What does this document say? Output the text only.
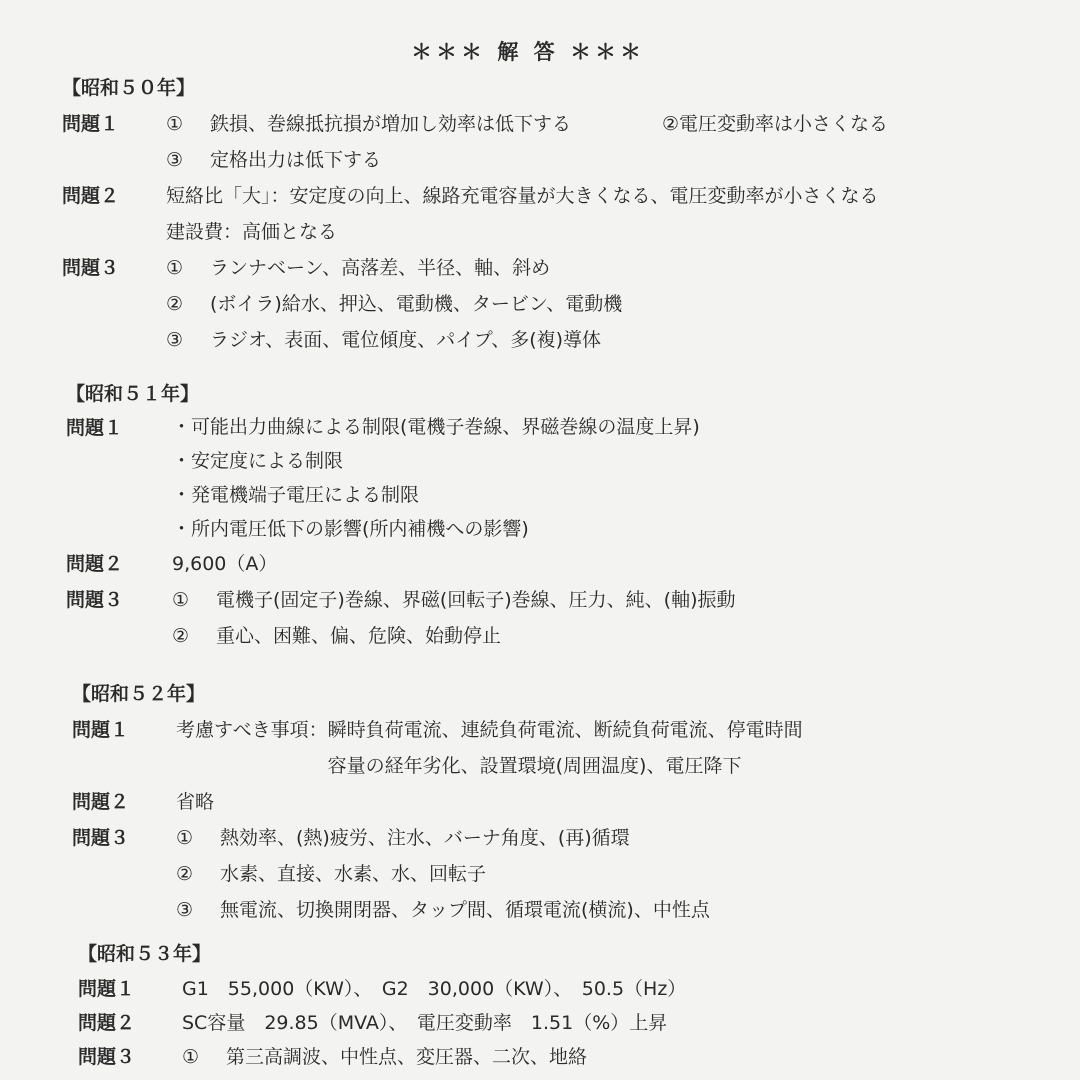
＊＊＊ 解 答 ＊＊＊
【昭和５０年】
問題１	①	鉄損、巻線抵抗損が増加し効率は低下する	② 電圧変動率は小さくなる
③	定格出力は低下する
問題２	短絡比「大」：安定度の向上、線路充電容量が大きくなる、電圧変動率が小さくなる
建設費：高価となる
問題３	①	ランナベーン、高落差、半径、軸、斜め
②	(ボイラ)給水、押込、電動機、タービン、電動機
③	ラジオ、表面、電位傾度、パイプ、多(複)導体
【昭和５１年】
問題１	・可能出力曲線による制限(電機子巻線、界磁巻線の温度上昇)
・安定度による制限
・発電機端子電圧による制限
・所内電圧低下の影響(所内補機への影響)
問題２	9,600（A）
問題３	①	電機子(固定子)巻線、界磁(回転子)巻線、圧力、純、(軸)振動
②	重心、困難、偏、危険、始動停止
【昭和５２年】
問題１	考慮すべき事項： 瞬時負荷電流、連続負荷電流、断続負荷電流、停電時間
容量の経年劣化、設置環境(周囲温度)、電圧降下
問題２	省略
問題３	①	熱効率、(熱)疲労、注水、バーナ角度、(再)循環
②	水素、直接、水素、水、回転子
③	無電流、切換開閉器、タップ間、循環電流(横流)、中性点
【昭和５３年】
問題１	G1　55,000（KW）、　G2　30,000（KW）、　50.5（Hz）
問題２	SC容量　29.85（MVA）、　電圧変動率　1.51（%）上昇
問題３	①	第三高調波、中性点、変圧器、二次、地絡
